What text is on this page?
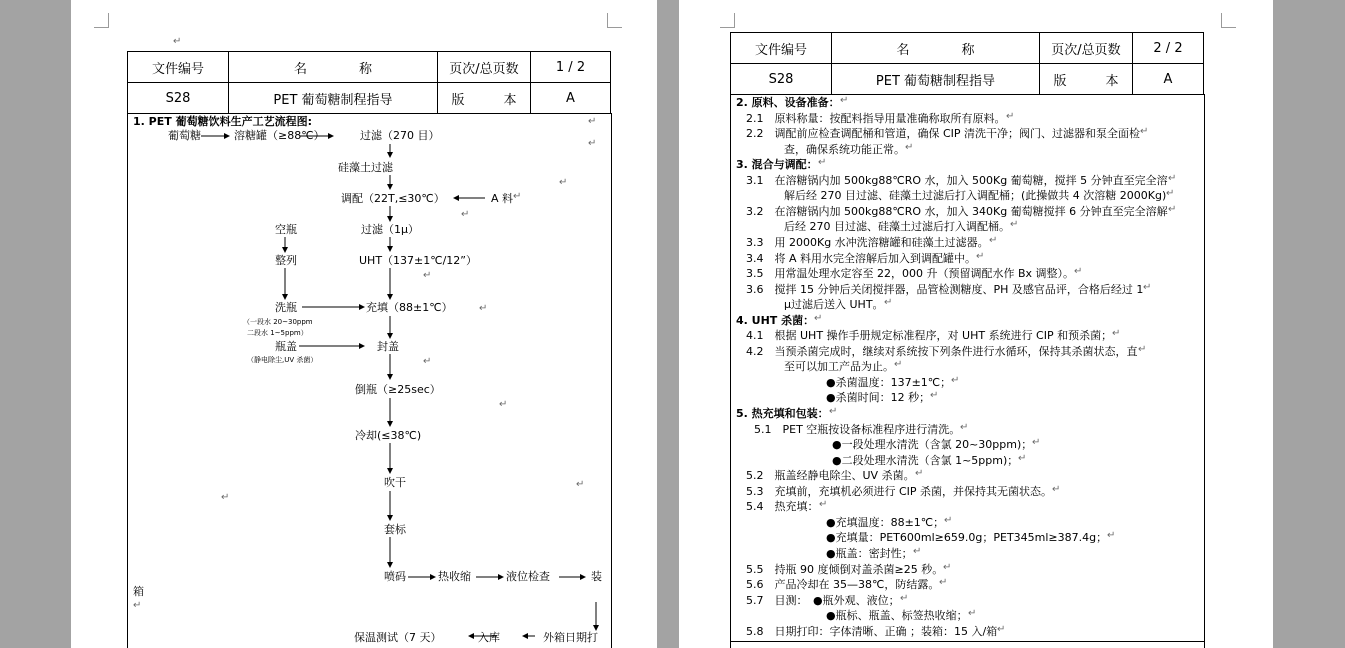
↵
文件编号	名　　　　称	页次/总页数	1 / 2
S28	PET 葡萄糖制程指导	版　　　本	A
1. PET 葡萄糖饮料生产工艺流程图:
葡萄糖	溶糖罐（≥88℃）	过滤（270 目）
硅藻土过滤
调配（22T,≤30℃）	A 料
空瓶	过滤（1μ）
整列	UHT（137±1℃/12”）
洗瓶
（一段水 20~30ppm
二段水 1~5ppm）
充填（88±1℃）
瓶盖
（静电除尘,UV 杀菌）
封盖
倒瓶（≥25sec）
冷却(≤38℃)
吹干
套标
喷码	热收缩	液位检查	装
箱
保温测试（7 天）	入库	外箱日期打
↵
↵
↵
↵
↵
↵
↵
↵
↵
↵
↵
↵
文件编号	名　　　　称	页次/总页数	2 / 2
S28	PET 葡萄糖制程指导	版　　　本	A
2. 原料、设备准备： ↵
2.1　原料称量：按配料指导用量准确称取所有原料。 ↵
2.2　调配前应检查调配桶和管道，确保 CIP 清洗干净；阀门、过滤器和泵全面检 ↵
查，确保系统功能正常。 ↵
3. 混合与调配： ↵
3.1　在溶糖锅内加 500kg88℃RO 水，加入 500Kg 葡萄糖，搅拌 5 分钟直至完全溶 ↵
解后经 270 目过滤、硅藻土过滤后打入调配桶；(此操做共 4 次溶糖 2000Kg) ↵
3.2　在溶糖锅内加 500kg88℃RO 水，加入 340Kg 葡萄糖搅拌 6 分钟直至完全溶解 ↵
后经 270 目过滤、硅藻土过滤后打入调配桶。 ↵
3.3　用 2000Kg 水冲洗溶糖罐和硅藻土过滤器。 ↵
3.4　将 A 料用水完全溶解后加入到调配罐中。 ↵
3.5　用常温处理水定容至 22，000 升（预留调配水作 Bx 调整）。 ↵
3.6　搅拌 15 分钟后关闭搅拌器，品管检测糖度、PH 及感官品评，合格后经过 1 ↵
μ过滤后送入 UHT。 ↵
4. UHT 杀菌： ↵
4.1　根据 UHT 操作手册规定标准程序，对 UHT 系统进行 CIP 和预杀菌； ↵
4.2　当预杀菌完成时，继续对系统按下列条件进行水循环，保持其杀菌状态，直 ↵
至可以加工产品为止。 ↵
●杀菌温度：137±1℃； ↵
●杀菌时间：12 秒； ↵
5. 热充填和包装： ↵
5.1　PET 空瓶按设备标准程序进行清洗。 ↵
●一段处理水清洗（含氯 20~30ppm)； ↵
●二段处理水清洗（含氯 1~5ppm)； ↵
5.2　瓶盖经静电除尘、UV 杀菌。 ↵
5.3　充填前，充填机必须进行 CIP 杀菌，并保持其无菌状态。 ↵
5.4　热充填： ↵
●充填温度：88±1℃； ↵
●充填量：PET600ml≥659.0g；PET345ml≥387.4g； ↵
●瓶盖：密封性； ↵
5.5　持瓶 90 度倾倒对盖杀菌≥25 秒。 ↵
5.6　产品冷却在 35—38℃，防结露。 ↵
5.7　目测：　●瓶外观、液位； ↵
●瓶标、瓶盖、标签热收缩； ↵
5.8　日期打印：字体清晰、正确 ；装箱：15 入/箱 ↵
